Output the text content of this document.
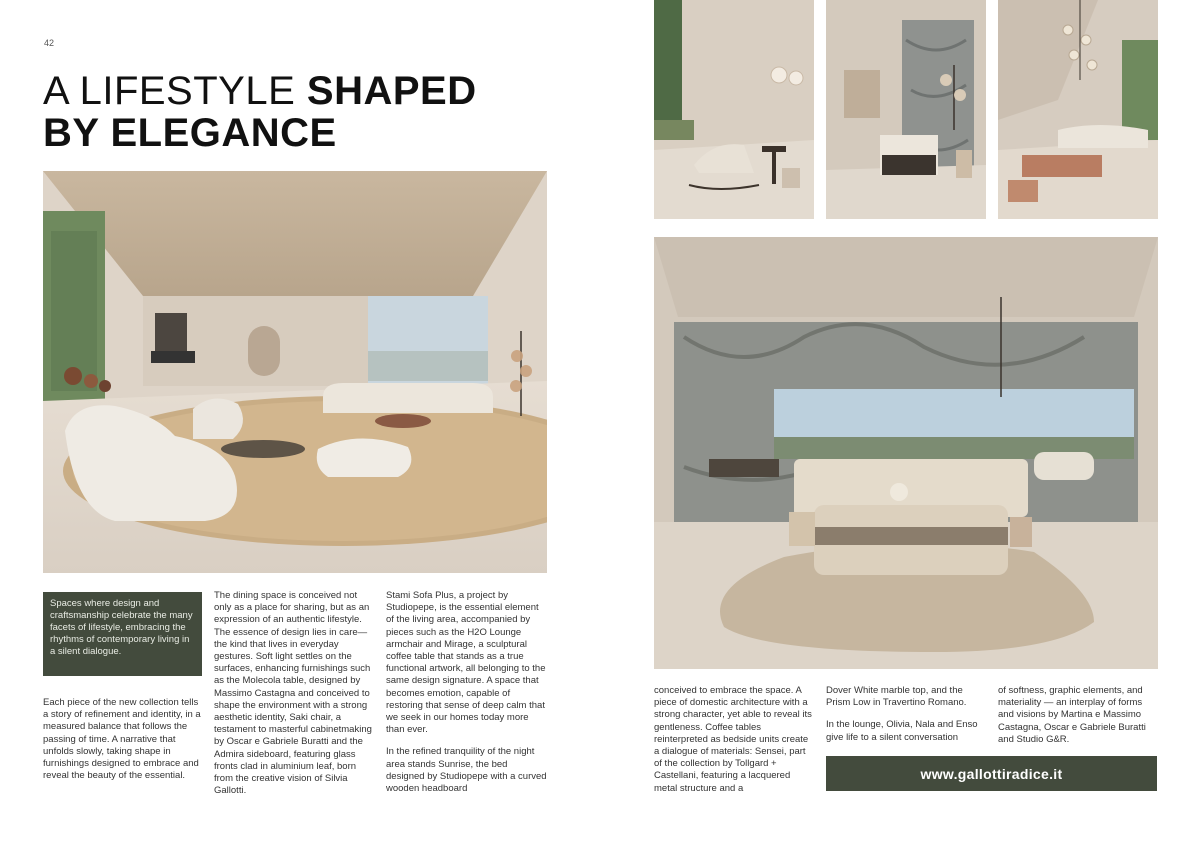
42
A LIFESTYLE SHAPED
BY ELEGANCE
Spaces where design and craftsmanship celebrate the many facets of lifestyle, embracing the rhythms of contemporary living in a silent dialogue.

Each piece of the new collection tells a story of refinement and identity, in a measured balance that follows the passing of time. A narrative that unfolds slowly, taking shape in furnishings designed to embrace and reveal the beauty of the essential.

The dining space is conceived not only as a place for sharing, but as an expression of an authentic lifestyle. The essence of design lies in care—the kind that lives in everyday gestures. Soft light settles on the surfaces, enhancing furnishings such as the Molecola table, designed by Massimo Castagna and conceived to shape the environment with a strong aesthetic identity, Saki chair, a testament to masterful cabinetmaking by Oscar e Gabriele Buratti and the Admira sideboard, featuring glass fronts clad in aluminium leaf, born from the creative vision of Silvia Gallotti.

Stami Sofa Plus, a project by Studiopepe, is the essential element of the living area, accompanied by pieces such as the H2O Lounge armchair and Mirage, a sculptural coffee table that stands as a true functional artwork, all belonging to the same design signature. A space that becomes emotion, capable of restoring that sense of deep calm that we seek in our homes today more than ever.

In the refined tranquility of the night area stands Sunrise, the bed designed by Studiopepe with a curved wooden headboard

conceived to embrace the space. A piece of domestic architecture with a strong character, yet able to reveal its gentleness. Coffee tables reinterpreted as bedside units create a dialogue of materials: Sensei, part of the collection by Tollgard + Castellani, featuring a lacquered metal structure and a

Dover White marble top, and the Prism Low in Travertino Romano.

In the lounge, Olivia, Nala and Enso give life to a silent conversation

of softness, graphic elements, and materiality — an interplay of forms and visions by Martina e Massimo Castagna, Oscar e Gabriele Buratti and Studio G&R.

www.gallottiradice.it
